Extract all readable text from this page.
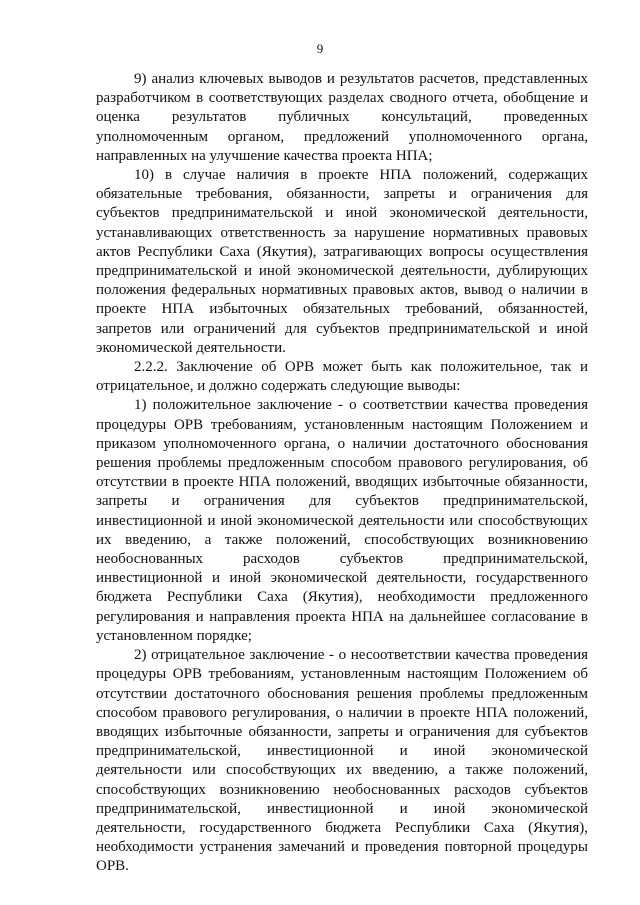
9

9) анализ ключевых выводов и результатов расчетов, представленных разработчиком в соответствующих разделах сводного отчета, обобщение и оценка результатов публичных консультаций, проведенных уполномоченным органом, предложений уполномоченного органа, направленных на улучшение качества проекта НПА;

10) в случае наличия в проекте НПА положений, содержащих обязательные требования, обязанности, запреты и ограничения для субъектов предпринимательской и иной экономической деятельности, устанавливающих ответственность за нарушение нормативных правовых актов Республики Саха (Якутия), затрагивающих вопросы осуществления предпринимательской и иной экономической деятельности, дублирующих положения федеральных нормативных правовых актов, вывод о наличии в проекте НПА избыточных обязательных требований, обязанностей, запретов или ограничений для субъектов предпринимательской и иной экономической деятельности.

2.2.2. Заключение об ОРВ может быть как положительное, так и отрицательное, и должно содержать следующие выводы:

1) положительное заключение - о соответствии качества проведения процедуры ОРВ требованиям, установленным настоящим Положением и приказом уполномоченного органа, о наличии достаточного обоснования решения проблемы предложенным способом правового регулирования, об отсутствии в проекте НПА положений, вводящих избыточные обязанности, запреты и ограничения для субъектов предпринимательской, инвестиционной и иной экономической деятельности или способствующих их введению, а также положений, способствующих возникновению необоснованных расходов субъектов предпринимательской, инвестиционной и иной экономической деятельности, государственного бюджета Республики Саха (Якутия), необходимости предложенного регулирования и направления проекта НПА на дальнейшее согласование в установленном порядке;

2) отрицательное заключение - о несоответствии качества проведения процедуры ОРВ требованиям, установленным настоящим Положением об отсутствии достаточного обоснования решения проблемы предложенным способом правового регулирования, о наличии в проекте НПА положений, вводящих избыточные обязанности, запреты и ограничения для субъектов предпринимательской, инвестиционной и иной экономической деятельности или способствующих их введению, а также положений, способствующих возникновению необоснованных расходов субъектов предпринимательской, инвестиционной и иной экономической деятельности, государственного бюджета Республики Саха (Якутия), необходимости устранения замечаний и проведения повторной процедуры ОРВ.
